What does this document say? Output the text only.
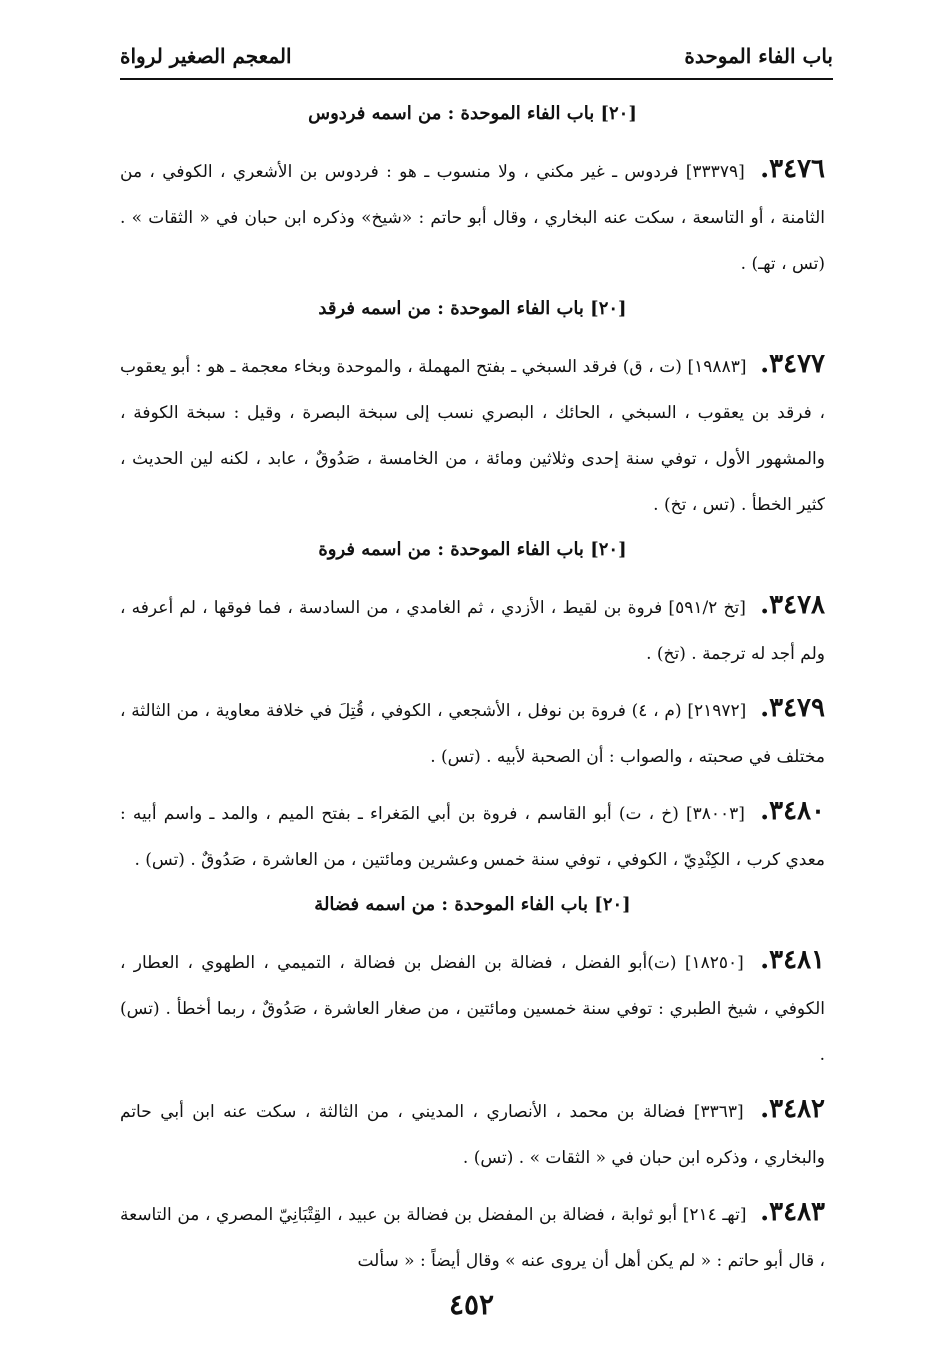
باب الفاء الموحدة
المعجم الصغير لرواة
[٢٠] باب الفاء الموحدة : من اسمه فردوس

٣٤٧٦. [٣٣٣٧٩] فردوس ـ غير مكني ، ولا منسوب ـ هو : فردوس بن الأشعري ، الكوفي ، من الثامنة ، أو التاسعة ، سكت عنه البخاري ، وقال أبو حاتم : «شيخ» وذكره ابن حبان في « الثقات » . (تس ، تهـ) .

[٢٠] باب الفاء الموحدة : من اسمه فرقد

٣٤٧٧. [١٩٨٨٣] (ت ، ق) فرقد السبخي ـ بفتح المهملة ، والموحدة وبخاء معجمة ـ هو : أبو يعقوب ، فرقد بن يعقوب ، السبخي ، الحائك ، البصري نسب إلى سبخة البصرة ، وقيل : سبخة الكوفة ، والمشهور الأول ، توفي سنة إحدى وثلاثين ومائة ، من الخامسة ، صَدُوقٌ ، عابد ، لكنه لين الحديث ، كثير الخطأ . (تس ، تخ) .

[٢٠] باب الفاء الموحدة : من اسمه فروة

٣٤٧٨. [تخ ٥٩١/٢] فروة بن لقيط ، الأزدي ، ثم الغامدي ، من السادسة ، فما فوقها ، لم أعرفه ، ولم أجد له ترجمة . (تخ) .

٣٤٧٩. [٢١٩٧٢] (م ، ٤) فروة بن نوفل ، الأشجعي ، الكوفي ، قُتِلَ في خلافة معاوية ، من الثالثة ، مختلف في صحبته ، والصواب : أن الصحبة لأبيه . (تس) .

٣٤٨٠. [٣٨٠٠٣] (خ ، ت) أبو القاسم ، فروة بن أبي المَغراء ـ بفتح الميم ، والمد ـ واسم أبيه : معدي كرب ، الكِنْدِيّ ، الكوفي ، توفي سنة خمس وعشرين ومائتين ، من العاشرة ، صَدُوقٌ . (تس) .

[٢٠] باب الفاء الموحدة : من اسمه فضالة

٣٤٨١. [١٨٢٥٠] (ت)أبو الفضل ، فضالة بن الفضل بن فضالة ، التميمي ، الطهوي ، العطار ، الكوفي ، شيخ الطبري : توفي سنة خمسين ومائتين ، من صغار العاشرة ، صَدُوقٌ ، ربما أخطأ . (تس) .

٣٤٨٢. [٣٣٦٣] فضالة بن محمد ، الأنصاري ، المديني ، من الثالثة ، سكت عنه ابن أبي حاتم والبخاري ، وذكره ابن حبان في « الثقات » . (تس) .

٣٤٨٣. [تهـ ٢١٤] أبو ثوابة ، فضالة بن المفضل بن فضالة بن عبيد ، القِتْبَانِيّ المصري ، من التاسعة ، قال أبو حاتم : « لم يكن أهل أن يروى عنه » وقال أيضاً : « سألت

٤٥٢
